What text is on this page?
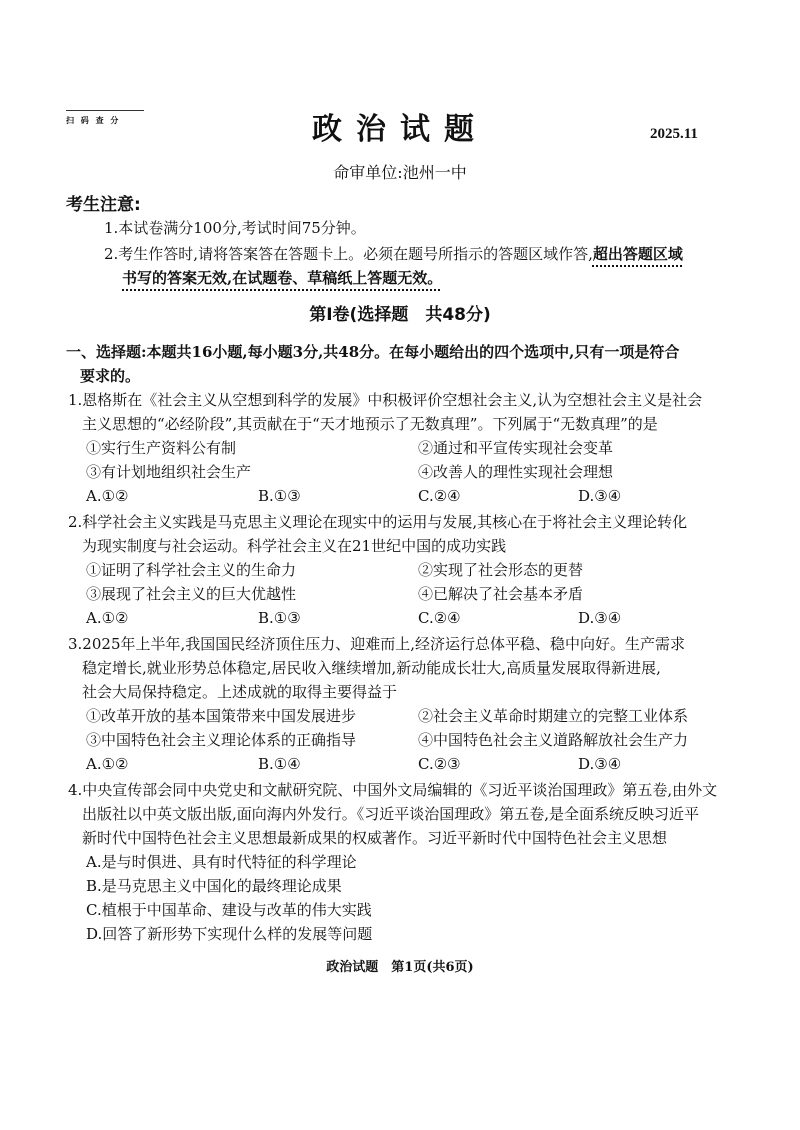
扫 码 查 分	政治试题	2025.11
命审单位:池州一中
考生注意:
1.本试卷满分100分,考试时间75分钟。
2.考生作答时,请将答案答在答题卡上。必须在题号所指示的答题区域作答,超出答题区域
书写的答案无效,在试题卷、草稿纸上答题无效。
第Ⅰ卷(选择题　共48分)
一、选择题:本题共16小题,每小题3分,共48分。在每小题给出的四个选项中,只有一项是符合
要求的。
1.恩格斯在《社会主义从空想到科学的发展》中积极评价空想社会主义,认为空想社会主义是社会
主义思想的“必经阶段”,其贡献在于“天才地预示了无数真理”。下列属于“无数真理”的是
①实行生产资料公有制	②通过和平宣传实现社会变革
③有计划地组织社会生产	④改善人的理性实现社会理想
A.①②	B.①③	C.②④	D.③④
2.科学社会主义实践是马克思主义理论在现实中的运用与发展,其核心在于将社会主义理论转化
为现实制度与社会运动。科学社会主义在21世纪中国的成功实践
①证明了科学社会主义的生命力	②实现了社会形态的更替
③展现了社会主义的巨大优越性	④已解决了社会基本矛盾
A.①②	B.①③	C.②④	D.③④
3.2025年上半年,我国国民经济顶住压力、迎难而上,经济运行总体平稳、稳中向好。生产需求
稳定增长,就业形势总体稳定,居民收入继续增加,新动能成长壮大,高质量发展取得新进展,
社会大局保持稳定。上述成就的取得主要得益于
①改革开放的基本国策带来中国发展进步	②社会主义革命时期建立的完整工业体系
③中国特色社会主义理论体系的正确指导	④中国特色社会主义道路解放社会生产力
A.①②	B.①④	C.②③	D.③④
4.中央宣传部会同中央党史和文献研究院、中国外文局编辑的《习近平谈治国理政》第五卷,由外文
出版社以中英文版出版,面向海内外发行。《习近平谈治国理政》第五卷,是全面系统反映习近平
新时代中国特色社会主义思想最新成果的权威著作。习近平新时代中国特色社会主义思想
A.是与时俱进、具有时代特征的科学理论
B.是马克思主义中国化的最终理论成果
C.植根于中国革命、建设与改革的伟大实践
D.回答了新形势下实现什么样的发展等问题
政治试题　第1页(共6页)
